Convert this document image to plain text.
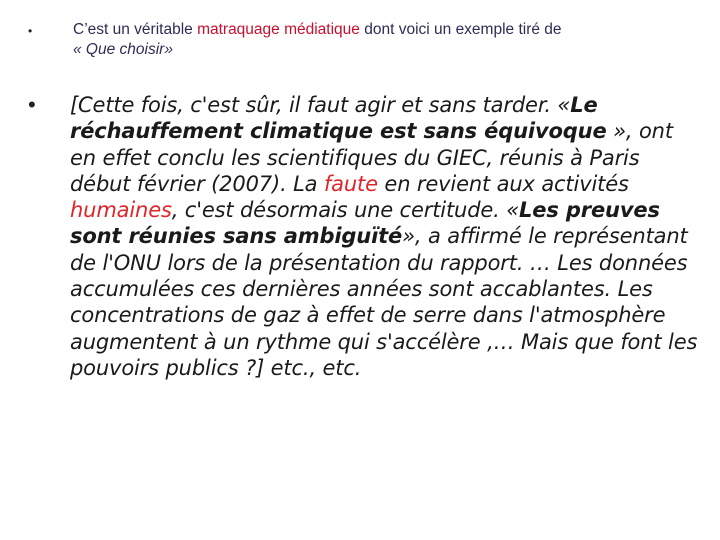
•	C’est un véritable matraquage médiatique dont voici un exemple tiré de
« Que choisir»
• [Cette fois, c'est sûr, il faut agir et sans tarder. «Le réchauffement climatique est sans équivoque », ont en effet conclu les scientifiques du GIEC, réunis à Paris début février (2007). La faute en revient aux activités humaines, c'est désormais une certitude. «Les preuves sont réunies sans ambiguïté», a affirmé le représentant de l'ONU lors de la présentation du rapport. … Les données accumulées ces dernières années sont accablantes. Les concentrations de gaz à effet de serre dans l'atmosphère augmentent à un rythme qui s'accélère ,… Mais que font les pouvoirs publics ?] etc., etc.
